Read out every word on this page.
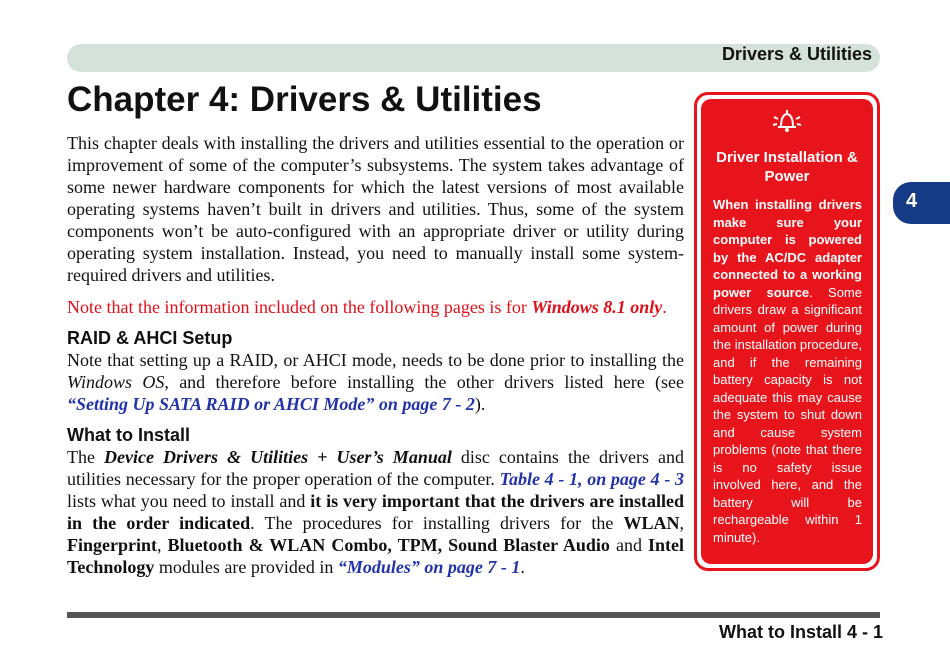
Drivers & Utilities
Chapter 4: Drivers & Utilities

This chapter deals with installing the drivers and utilities essential to the operation or improvement of some of the computer’s subsystems. The system takes advantage of some newer hardware components for which the latest versions of most available operating systems haven’t built in drivers and utilities. Thus, some of the system components won’t be auto-configured with an appropriate driver or utility during operating system installation. Instead, you need to manually install some system-required drivers and utilities.

Note that the information included on the following pages is for Windows 8.1 only.

RAID & AHCI Setup

Note that setting up a RAID, or AHCI mode, needs to be done prior to installing the Windows OS, and therefore before installing the other drivers listed here (see “Setting Up SATA RAID or AHCI Mode” on page 7 - 2).

What to Install

The Device Drivers & Utilities + User’s Manual disc contains the drivers and utilities necessary for the proper operation of the computer. Table 4 - 1, on page 4 - 3 lists what you need to install and it is very important that the drivers are installed in the order indicated. The procedures for installing drivers for the WLAN, Fingerprint, Bluetooth & WLAN Combo, TPM, Sound Blaster Audio and Intel Technology modules are provided in “Modules” on page 7 - 1.

Driver Installation & Power

When installing drivers make sure your computer is powered by the AC/DC adapter connected to a working power source. Some drivers draw a significant amount of power during the installation procedure, and if the remaining battery capacity is not adequate this may cause the system to shut down and cause system problems (note that there is no safety issue involved here, and the battery will be rechargeable within 1 minute).

4
What to Install 4 - 1
